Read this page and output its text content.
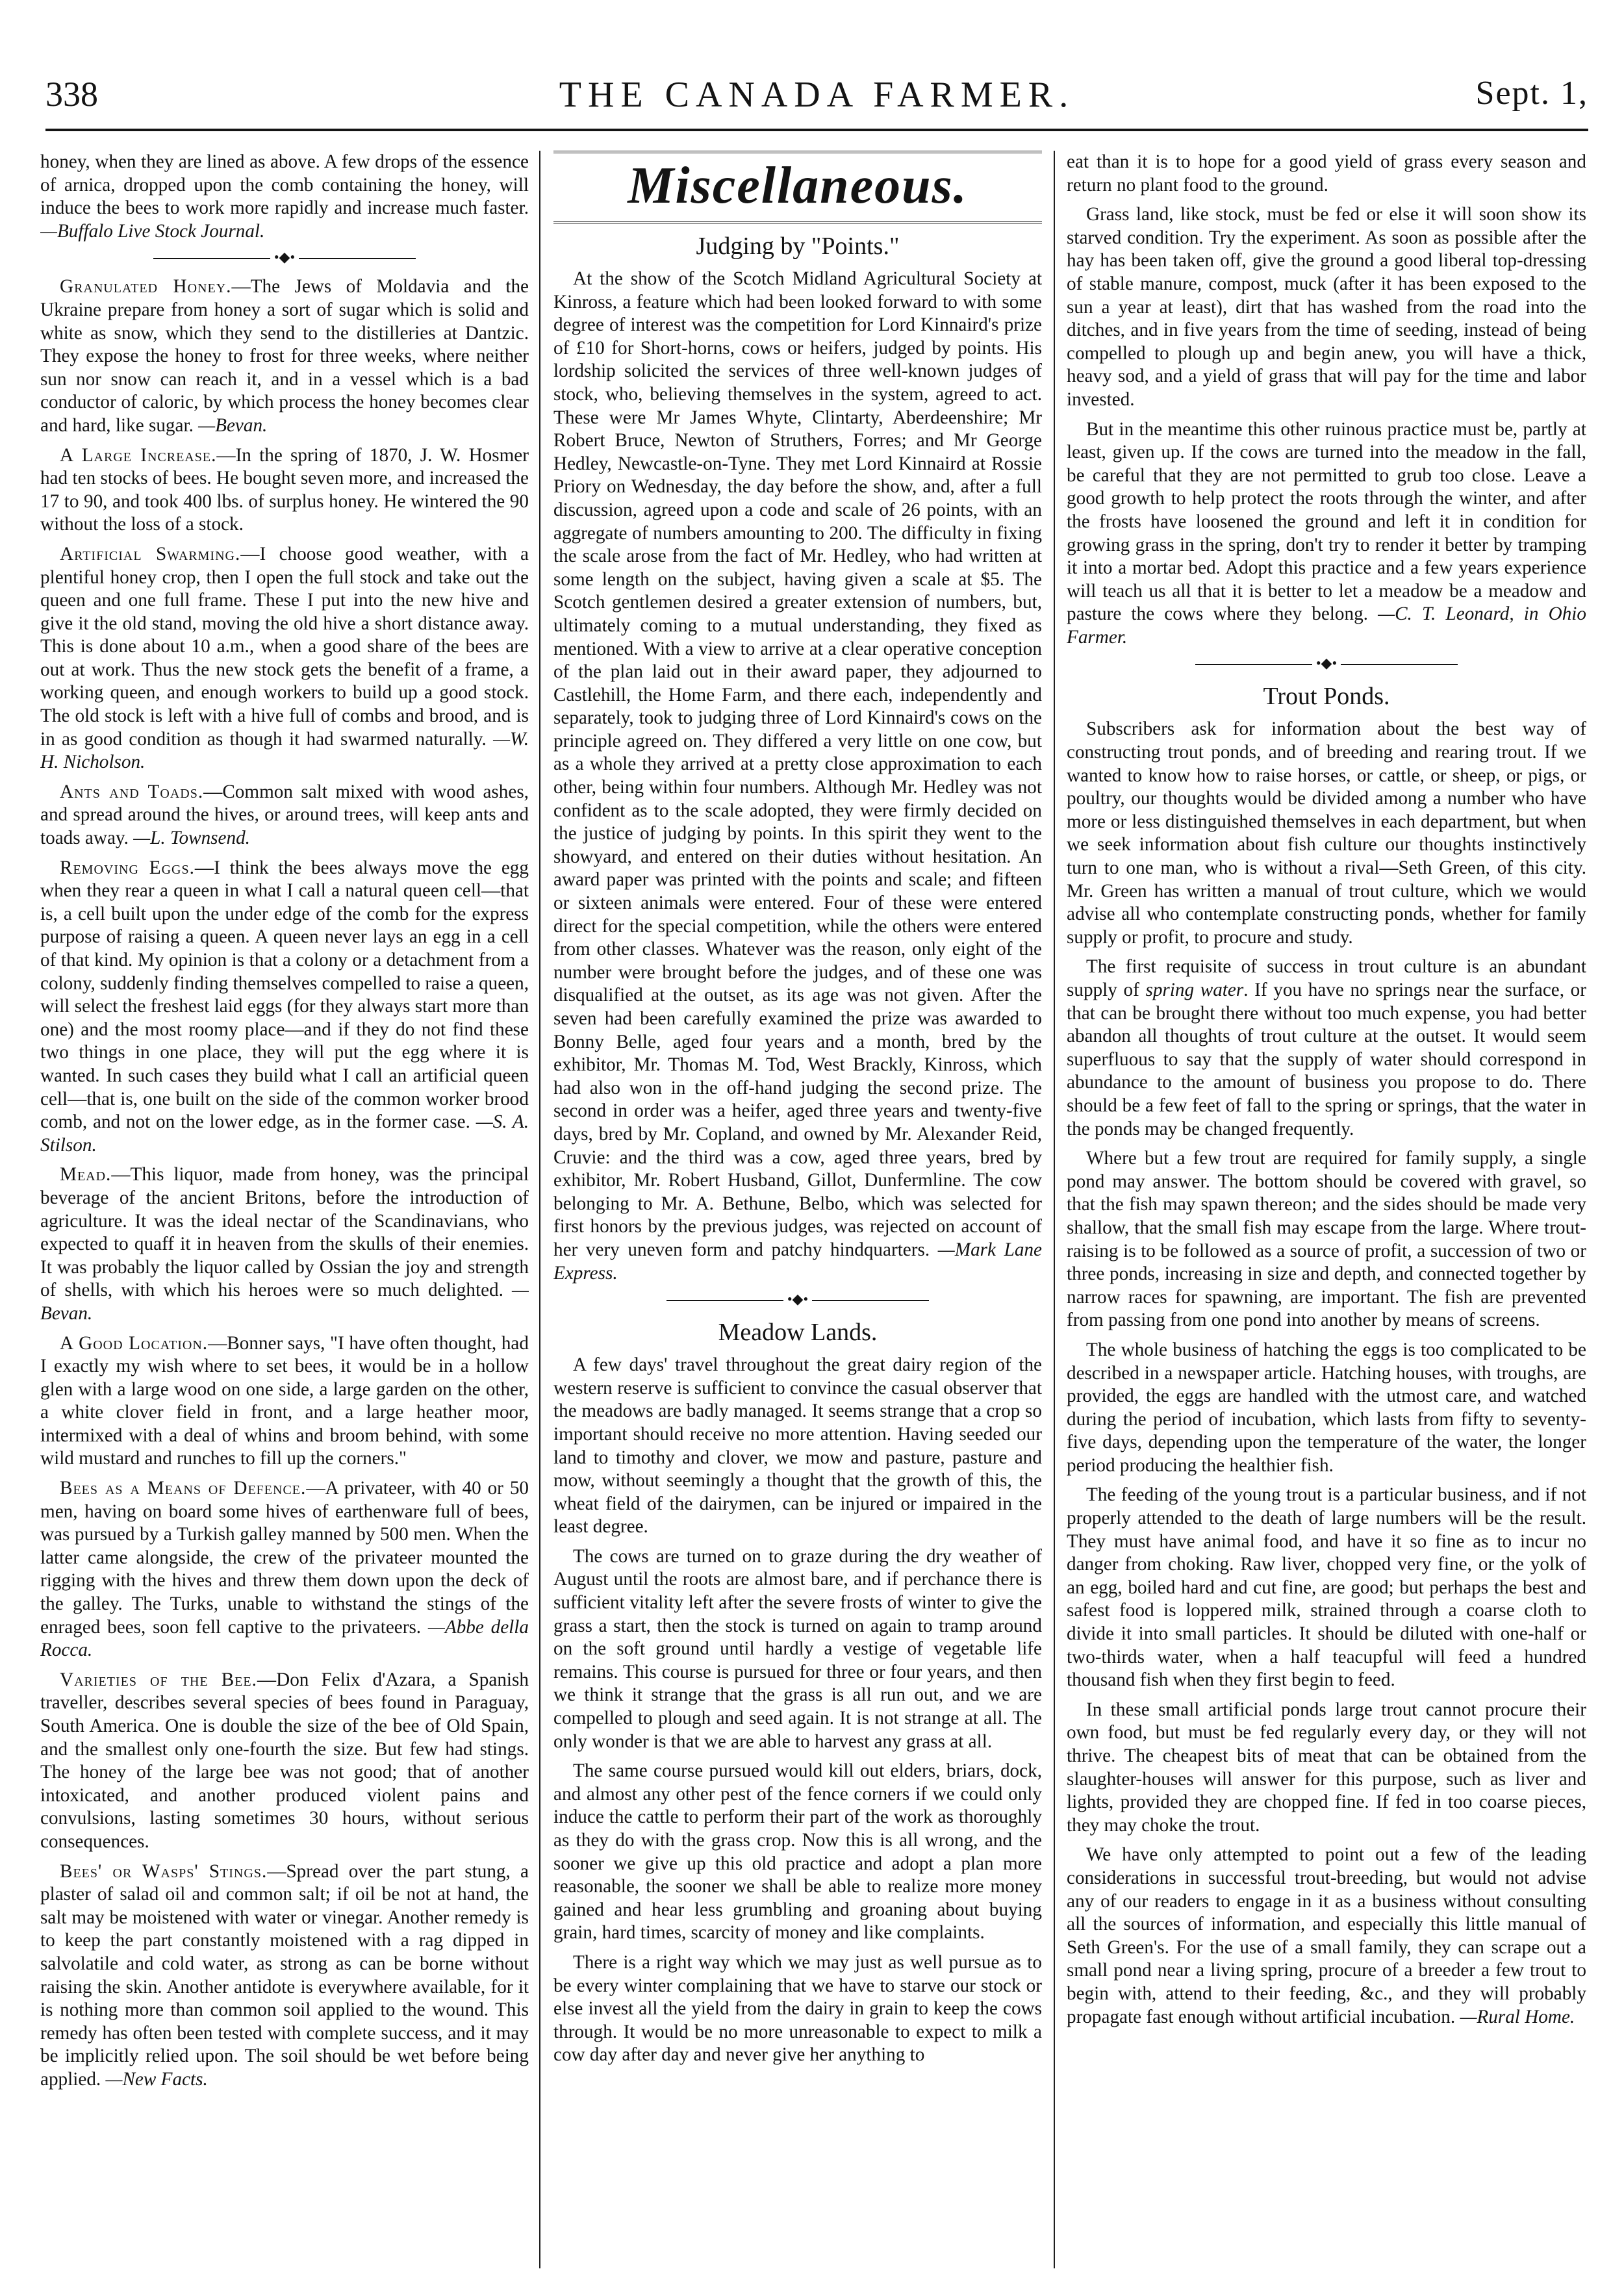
338	THE CANADA FARMER.	Sept. 1,

honey, when they are lined as above. A few drops of the essence of arnica, dropped upon the comb containing the honey, will induce the bees to work more rapidly and increase much faster. —Buffalo Live Stock Journal.

•◆•

Granulated Honey.—The Jews of Moldavia and the Ukraine prepare from honey a sort of sugar which is solid and white as snow, which they send to the distilleries at Dantzic. They expose the honey to frost for three weeks, where neither sun nor snow can reach it, and in a vessel which is a bad conductor of caloric, by which process the honey becomes clear and hard, like sugar. —Bevan.

A Large Increase.—In the spring of 1870, J. W. Hosmer had ten stocks of bees. He bought seven more, and increased the 17 to 90, and took 400 lbs. of surplus honey. He wintered the 90 without the loss of a stock.

Artificial Swarming.—I choose good weather, with a plentiful honey crop, then I open the full stock and take out the queen and one full frame. These I put into the new hive and give it the old stand, moving the old hive a short distance away. This is done about 10 a.m., when a good share of the bees are out at work. Thus the new stock gets the benefit of a frame, a working queen, and enough workers to build up a good stock. The old stock is left with a hive full of combs and brood, and is in as good condition as though it had swarmed naturally. —W. H. Nicholson.

Ants and Toads.—Common salt mixed with wood ashes, and spread around the hives, or around trees, will keep ants and toads away. —L. Townsend.

Removing Eggs.—I think the bees always move the egg when they rear a queen in what I call a natural queen cell—that is, a cell built upon the under edge of the comb for the express purpose of raising a queen. A queen never lays an egg in a cell of that kind. My opinion is that a colony or a detachment from a colony, suddenly finding themselves compelled to raise a queen, will select the freshest laid eggs (for they always start more than one) and the most roomy place—and if they do not find these two things in one place, they will put the egg where it is wanted. In such cases they build what I call an artificial queen cell—that is, one built on the side of the common worker brood comb, and not on the lower edge, as in the former case. —S. A. Stilson.

Mead.—This liquor, made from honey, was the principal beverage of the ancient Britons, before the introduction of agriculture. It was the ideal nectar of the Scandinavians, who expected to quaff it in heaven from the skulls of their enemies. It was probably the liquor called by Ossian the joy and strength of shells, with which his heroes were so much delighted. —Bevan.

A Good Location.—Bonner says, "I have often thought, had I exactly my wish where to set bees, it would be in a hollow glen with a large wood on one side, a large garden on the other, a white clover field in front, and a large heather moor, intermixed with a deal of whins and broom behind, with some wild mustard and runches to fill up the corners."

Bees as a Means of Defence.—A privateer, with 40 or 50 men, having on board some hives of earthenware full of bees, was pursued by a Turkish galley manned by 500 men. When the latter came alongside, the crew of the privateer mounted the rigging with the hives and threw them down upon the deck of the galley. The Turks, unable to withstand the stings of the enraged bees, soon fell captive to the privateers. —Abbe della Rocca.

Varieties of the Bee.—Don Felix d'Azara, a Spanish traveller, describes several species of bees found in Paraguay, South America. One is double the size of the bee of Old Spain, and the smallest only one-fourth the size. But few had stings. The honey of the large bee was not good; that of another intoxicated, and another produced violent pains and convulsions, lasting sometimes 30 hours, without serious consequences.

Bees' or Wasps' Stings.—Spread over the part stung, a plaster of salad oil and common salt; if oil be not at hand, the salt may be moistened with water or vinegar. Another remedy is to keep the part constantly moistened with a rag dipped in salvolatile and cold water, as strong as can be borne without raising the skin. Another antidote is everywhere available, for it is nothing more than common soil applied to the wound. This remedy has often been tested with complete success, and it may be implicitly relied upon. The soil should be wet before being applied. —New Facts.

Miscellaneous.
Judging by "Points."

At the show of the Scotch Midland Agricultural Society at Kinross, a feature which had been looked forward to with some degree of interest was the competition for Lord Kinnaird's prize of £10 for Short-horns, cows or heifers, judged by points. His lordship solicited the services of three well-known judges of stock, who, believing themselves in the system, agreed to act. These were Mr James Whyte, Clintarty, Aberdeenshire; Mr Robert Bruce, Newton of Struthers, Forres; and Mr George Hedley, Newcastle-on-Tyne. They met Lord Kinnaird at Rossie Priory on Wednesday, the day before the show, and, after a full discussion, agreed upon a code and scale of 26 points, with an aggregate of numbers amounting to 200. The difficulty in fixing the scale arose from the fact of Mr. Hedley, who had written at some length on the subject, having given a scale at $5. The Scotch gentlemen desired a greater extension of numbers, but, ultimately coming to a mutual understanding, they fixed as mentioned. With a view to arrive at a clear operative conception of the plan laid out in their award paper, they adjourned to Castlehill, the Home Farm, and there each, independently and separately, took to judging three of Lord Kinnaird's cows on the principle agreed on. They differed a very little on one cow, but as a whole they arrived at a pretty close approximation to each other, being within four numbers. Although Mr. Hedley was not confident as to the scale adopted, they were firmly decided on the justice of judging by points. In this spirit they went to the showyard, and entered on their duties without hesitation. An award paper was printed with the points and scale; and fifteen or sixteen animals were entered. Four of these were entered direct for the special competition, while the others were entered from other classes. Whatever was the reason, only eight of the number were brought before the judges, and of these one was disqualified at the outset, as its age was not given. After the seven had been carefully examined the prize was awarded to Bonny Belle, aged four years and a month, bred by the exhibitor, Mr. Thomas M. Tod, West Brackly, Kinross, which had also won in the off-hand judging the second prize. The second in order was a heifer, aged three years and twenty-five days, bred by Mr. Copland, and owned by Mr. Alexander Reid, Cruvie: and the third was a cow, aged three years, bred by exhibitor, Mr. Robert Husband, Gillot, Dunfermline. The cow belonging to Mr. A. Bethune, Belbo, which was selected for first honors by the previous judges, was rejected on account of her very uneven form and patchy hindquarters. —Mark Lane Express.

•◆•
Meadow Lands.

A few days' travel throughout the great dairy region of the western reserve is sufficient to convince the casual observer that the meadows are badly managed. It seems strange that a crop so important should receive no more attention. Having seeded our land to timothy and clover, we mow and pasture, pasture and mow, without seemingly a thought that the growth of this, the wheat field of the dairymen, can be injured or impaired in the least degree.

The cows are turned on to graze during the dry weather of August until the roots are almost bare, and if perchance there is sufficient vitality left after the severe frosts of winter to give the grass a start, then the stock is turned on again to tramp around on the soft ground until hardly a vestige of vegetable life remains. This course is pursued for three or four years, and then we think it strange that the grass is all run out, and we are compelled to plough and seed again. It is not strange at all. The only wonder is that we are able to harvest any grass at all.

The same course pursued would kill out elders, briars, dock, and almost any other pest of the fence corners if we could only induce the cattle to perform their part of the work as thoroughly as they do with the grass crop. Now this is all wrong, and the sooner we give up this old practice and adopt a plan more reasonable, the sooner we shall be able to realize more money gained and hear less grumbling and groaning about buying grain, hard times, scarcity of money and like complaints.

There is a right way which we may just as well pursue as to be every winter complaining that we have to starve our stock or else invest all the yield from the dairy in grain to keep the cows through. It would be no more unreasonable to expect to milk a cow day after day and never give her anything to

eat than it is to hope for a good yield of grass every season and return no plant food to the ground.

Grass land, like stock, must be fed or else it will soon show its starved condition. Try the experiment. As soon as possible after the hay has been taken off, give the ground a good liberal top-dressing of stable manure, compost, muck (after it has been exposed to the sun a year at least), dirt that has washed from the road into the ditches, and in five years from the time of seeding, instead of being compelled to plough up and begin anew, you will have a thick, heavy sod, and a yield of grass that will pay for the time and labor invested.

But in the meantime this other ruinous practice must be, partly at least, given up. If the cows are turned into the meadow in the fall, be careful that they are not permitted to grub too close. Leave a good growth to help protect the roots through the winter, and after the frosts have loosened the ground and left it in condition for growing grass in the spring, don't try to render it better by tramping it into a mortar bed. Adopt this practice and a few years experience will teach us all that it is better to let a meadow be a meadow and pasture the cows where they belong. —C. T. Leonard, in Ohio Farmer.

•◆•
Trout Ponds.

Subscribers ask for information about the best way of constructing trout ponds, and of breeding and rearing trout. If we wanted to know how to raise horses, or cattle, or sheep, or pigs, or poultry, our thoughts would be divided among a number who have more or less distinguished themselves in each department, but when we seek information about fish culture our thoughts instinctively turn to one man, who is without a rival—Seth Green, of this city. Mr. Green has written a manual of trout culture, which we would advise all who contemplate constructing ponds, whether for family supply or profit, to procure and study.

The first requisite of success in trout culture is an abundant supply of spring water. If you have no springs near the surface, or that can be brought there without too much expense, you had better abandon all thoughts of trout culture at the outset. It would seem superfluous to say that the supply of water should correspond in abundance to the amount of business you propose to do. There should be a few feet of fall to the spring or springs, that the water in the ponds may be changed frequently.

Where but a few trout are required for family supply, a single pond may answer. The bottom should be covered with gravel, so that the fish may spawn thereon; and the sides should be made very shallow, that the small fish may escape from the large. Where trout-raising is to be followed as a source of profit, a succession of two or three ponds, increasing in size and depth, and connected together by narrow races for spawning, are important. The fish are prevented from passing from one pond into another by means of screens.

The whole business of hatching the eggs is too complicated to be described in a newspaper article. Hatching houses, with troughs, are provided, the eggs are handled with the utmost care, and watched during the period of incubation, which lasts from fifty to seventy-five days, depending upon the temperature of the water, the longer period producing the healthier fish.

The feeding of the young trout is a particular business, and if not properly attended to the death of large numbers will be the result. They must have animal food, and have it so fine as to incur no danger from choking. Raw liver, chopped very fine, or the yolk of an egg, boiled hard and cut fine, are good; but perhaps the best and safest food is loppered milk, strained through a coarse cloth to divide it into small particles. It should be diluted with one-half or two-thirds water, when a half teacupful will feed a hundred thousand fish when they first begin to feed.

In these small artificial ponds large trout cannot procure their own food, but must be fed regularly every day, or they will not thrive. The cheapest bits of meat that can be obtained from the slaughter-houses will answer for this purpose, such as liver and lights, provided they are chopped fine. If fed in too coarse pieces, they may choke the trout.

We have only attempted to point out a few of the leading considerations in successful trout-breeding, but would not advise any of our readers to engage in it as a business without consulting all the sources of information, and especially this little manual of Seth Green's. For the use of a small family, they can scrape out a small pond near a living spring, procure of a breeder a few trout to begin with, attend to their feeding, &c., and they will probably propagate fast enough without artificial incubation. —Rural Home.
